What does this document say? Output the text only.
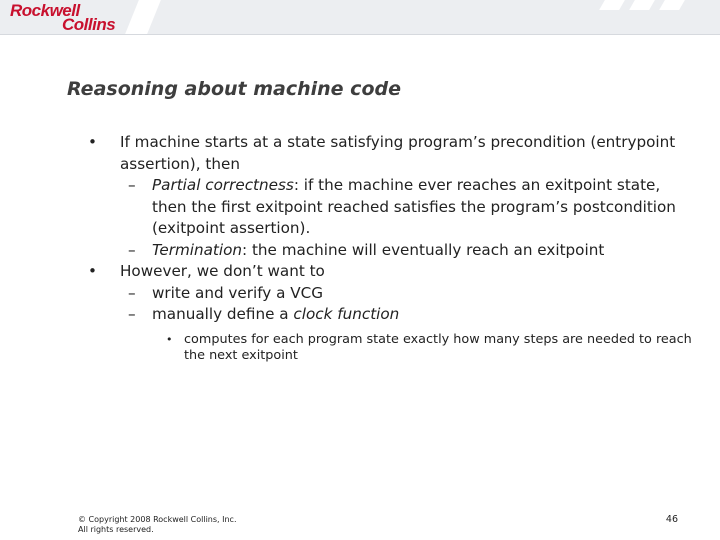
Rockwell
Collins
Reasoning about machine code

• If machine starts at a state satisfying program’s precondition (entrypoint assertion), then

– Partial correctness: if the machine ever reaches an exitpoint state, then the first exitpoint reached satisfies the program’s postcondition (exitpoint assertion).

– Termination: the machine will eventually reach an exitpoint

• However, we don’t want to

– write and verify a VCG

– manually define a clock function

• computes for each program state exactly how many steps are needed to reach the next exitpoint

© Copyright 2008 Rockwell Collins, Inc.
All rights reserved.
46
